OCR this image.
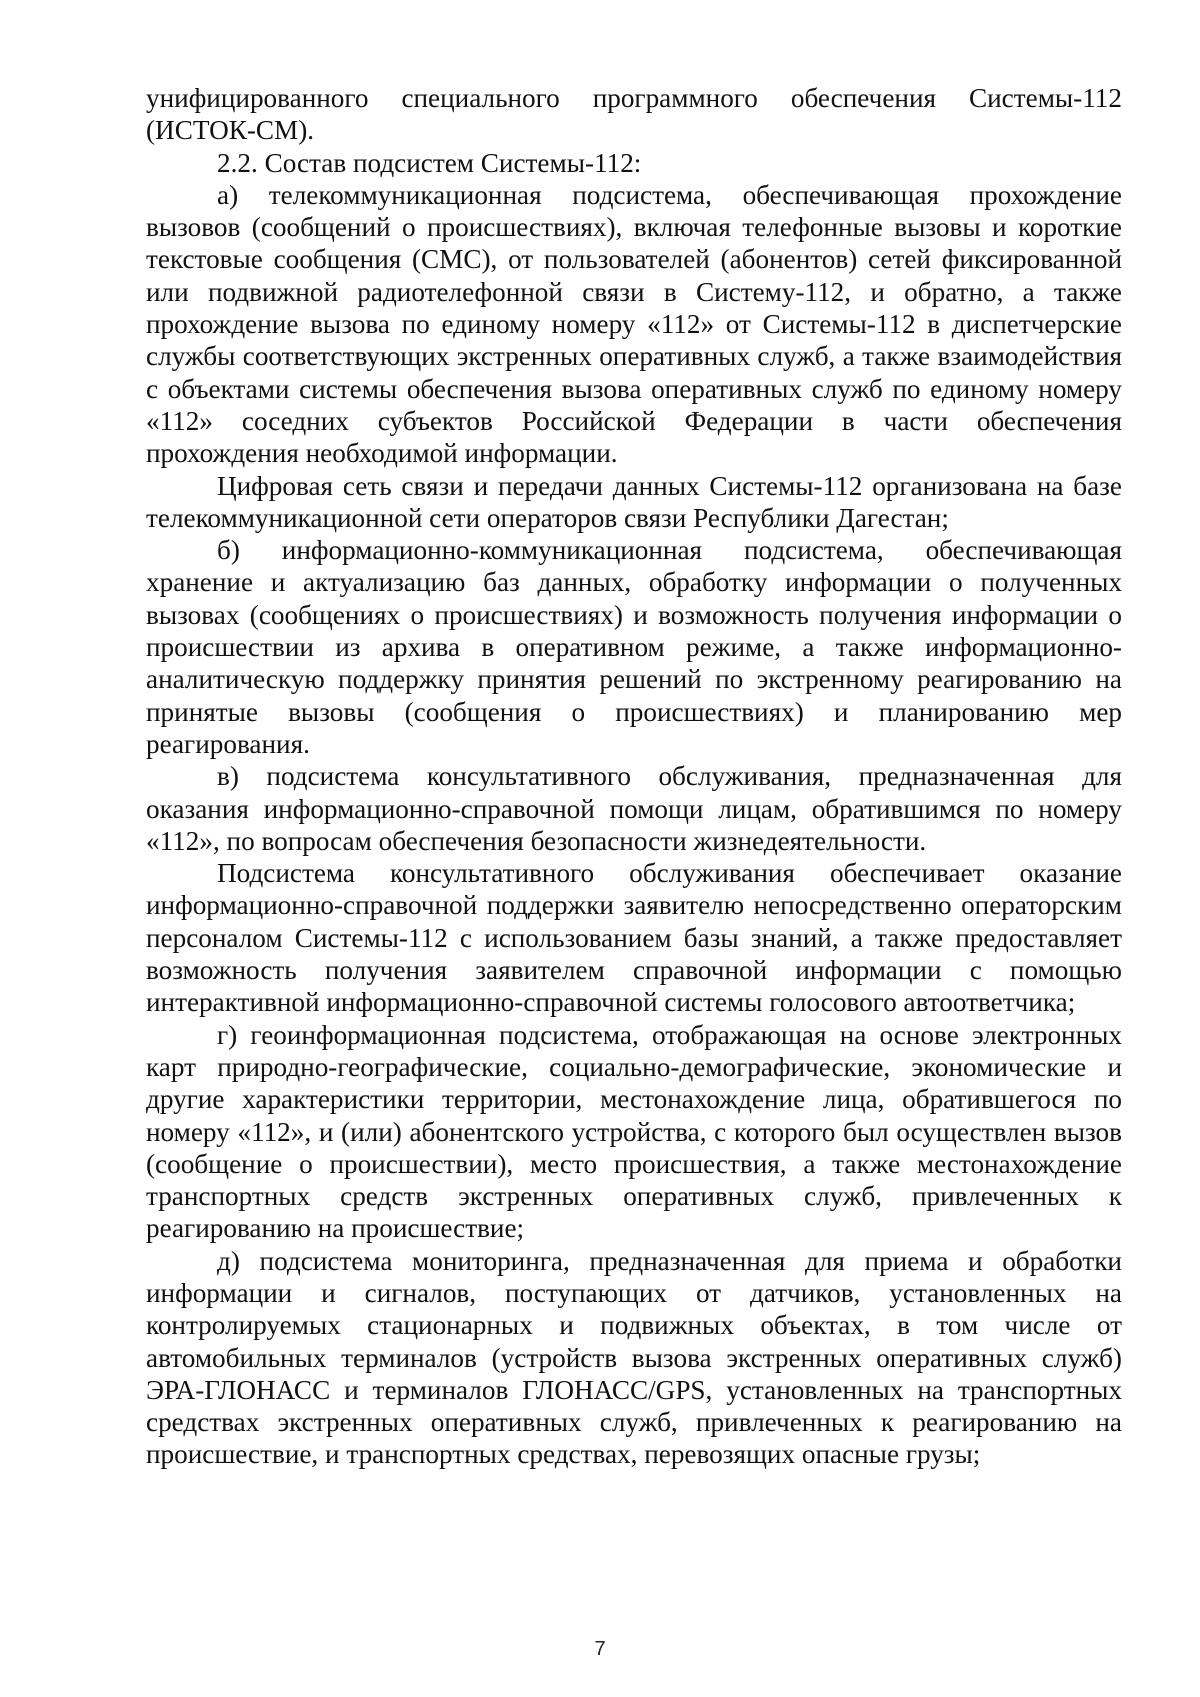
унифицированного специального программного обеспечения Системы-112 (ИСТОК-СМ).

2.2. Состав подсистем Системы-112:

а) телекоммуникационная подсистема, обеспечивающая прохождение вызовов (сообщений о происшествиях), включая телефонные вызовы и короткие текстовые сообщения (СМС), от пользователей (абонентов) сетей фиксированной или подвижной радиотелефонной связи в Систему-112, и обратно, а также прохождение вызова по единому номеру «112» от Системы-112 в диспетчерские службы соответствующих экстренных оперативных служб, а также взаимодействия с объектами системы обеспечения вызова оперативных служб по единому номеру «112» соседних субъектов Российской Федерации в части обеспечения прохождения необходимой информации.

Цифровая сеть связи и передачи данных Системы-112 организована на базе телекоммуникационной сети операторов связи Республики Дагестан;

б) информационно-коммуникационная подсистема, обеспечивающая хранение и актуализацию баз данных, обработку информации о полученных вызовах (сообщениях о происшествиях) и возможность получения информации о происшествии из архива в оперативном режиме, а также информационно-аналитическую поддержку принятия решений по экстренному реагированию на принятые вызовы (сообщения о происшествиях) и планированию мер реагирования.

в) подсистема консультативного обслуживания, предназначенная для оказания информационно-справочной помощи лицам, обратившимся по номеру «112», по вопросам обеспечения безопасности жизнедеятельности.

Подсистема консультативного обслуживания обеспечивает оказание информационно-справочной поддержки заявителю непосредственно операторским персоналом Системы-112 с использованием базы знаний, а также предоставляет возможность получения заявителем справочной информации с помощью интерактивной информационно-справочной системы голосового автоответчика;

г) геоинформационная подсистема, отображающая на основе электронных карт природно-географические, социально-демографические, экономические и другие характеристики территории, местонахождение лица, обратившегося по номеру «112», и (или) абонентского устройства, с которого был осуществлен вызов (сообщение о происшествии), место происшествия, а также местонахождение транспортных средств экстренных оперативных служб, привлеченных к реагированию на происшествие;

д) подсистема мониторинга, предназначенная для приема и обработки информации и сигналов, поступающих от датчиков, установленных на контролируемых стационарных и подвижных объектах, в том числе от автомобильных терминалов (устройств вызова экстренных оперативных служб) ЭРА-ГЛОНАСС и терминалов ГЛОНАСС/GPS, установленных на транспортных средствах экстренных оперативных служб, привлеченных к реагированию на происшествие, и транспортных средствах, перевозящих опасные грузы;

7
